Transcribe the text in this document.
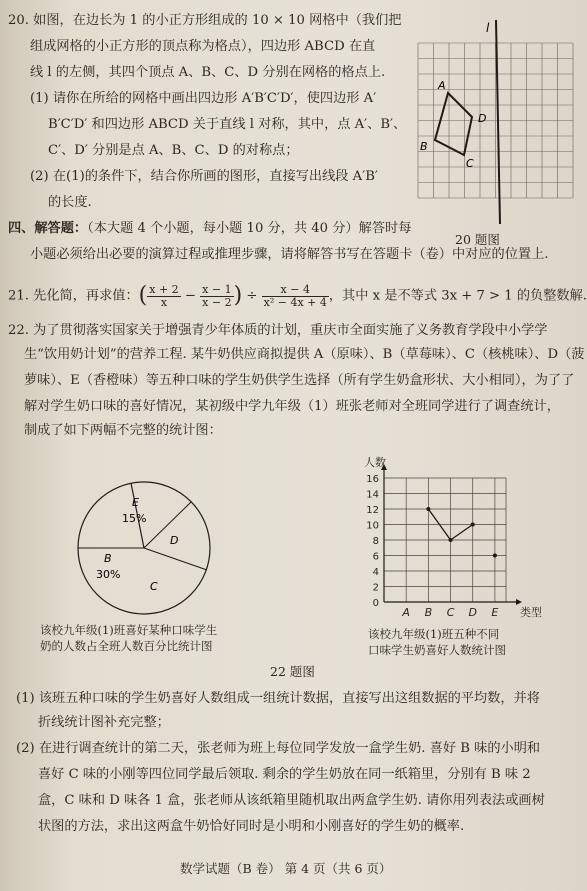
20. 如图，在边长为 1 的小正方形组成的 10 × 10 网格中（我们把
组成网格的小正方形的顶点称为格点），四边形 ABCD 在直
线 l 的左侧，其四个顶点 A、B、C、D 分别在网格的格点上.
(1) 请你在所给的网格中画出四边形 A′B′C′D′，使四边形 A′
B′C′D′ 和四边形 ABCD 关于直线 l 对称，其中，点 A′、B′、
C′、D′ 分别是点 A、B、C、D 的对称点；
(2) 在(1)的条件下，结合你所画的图形，直接写出线段 A′B′
的长度.
l
A
B
C
D
20 题图
四、解答题：（本大题 4 个小题，每小题 10 分，共 40 分）解答时每
小题必须给出必要的演算过程或推理步骤，请将解答书写在答题卡（卷）中对应的位置上.
21. 先化简，再求值：( $\frac{x + 2}{x} - \frac{x - 1}{x - 2}$ ) ÷ $\frac{x - 4}{\text{x² − 4x + 4}}$ ，其中 x 是不等式 3x + 7 > 1 的负整数解.
22. 为了贯彻落实国家关于增强青少年体质的计划，重庆市全面实施了义务教育学段中小学学
生“饮用奶计划”的营养工程. 某牛奶供应商拟提供 A（原味）、B（草莓味）、C（核桃味）、D（菠
萝味）、E（香橙味）等五种口味的学生奶供学生选择（所有学生奶盒形状、大小相同），为了了
解对学生奶口味的喜好情况，某初级中学九年级（1）班张老师对全班同学进行了调查统计，
制成了如下两幅不完整的统计图：
E
15%
D
C
B
30%
该校九年级(1)班喜好某种口味学生
奶的人数占全班人数百分比统计图
0
2
4
6
8
10
12
14
16
A B C D E
人数
类型
该校九年级(1)班五种不同
口味学生奶喜好人数统计图
22 题图
(1) 该班五种口味的学生奶喜好人数组成一组统计数据，直接写出这组数据的平均数，并将
折线统计图补充完整；
(2) 在进行调查统计的第二天，张老师为班上每位同学发放一盒学生奶. 喜好 B 味的小明和
喜好 C 味的小刚等四位同学最后领取. 剩余的学生奶放在同一纸箱里，分别有 B 味 2
盒，C 味和 D 味各 1 盒，张老师从该纸箱里随机取出两盒学生奶. 请你用列表法或画树
状图的方法，求出这两盒牛奶恰好同时是小明和小刚喜好的学生奶的概率.
数学试题（B 卷） 第 4 页（共 6 页）
